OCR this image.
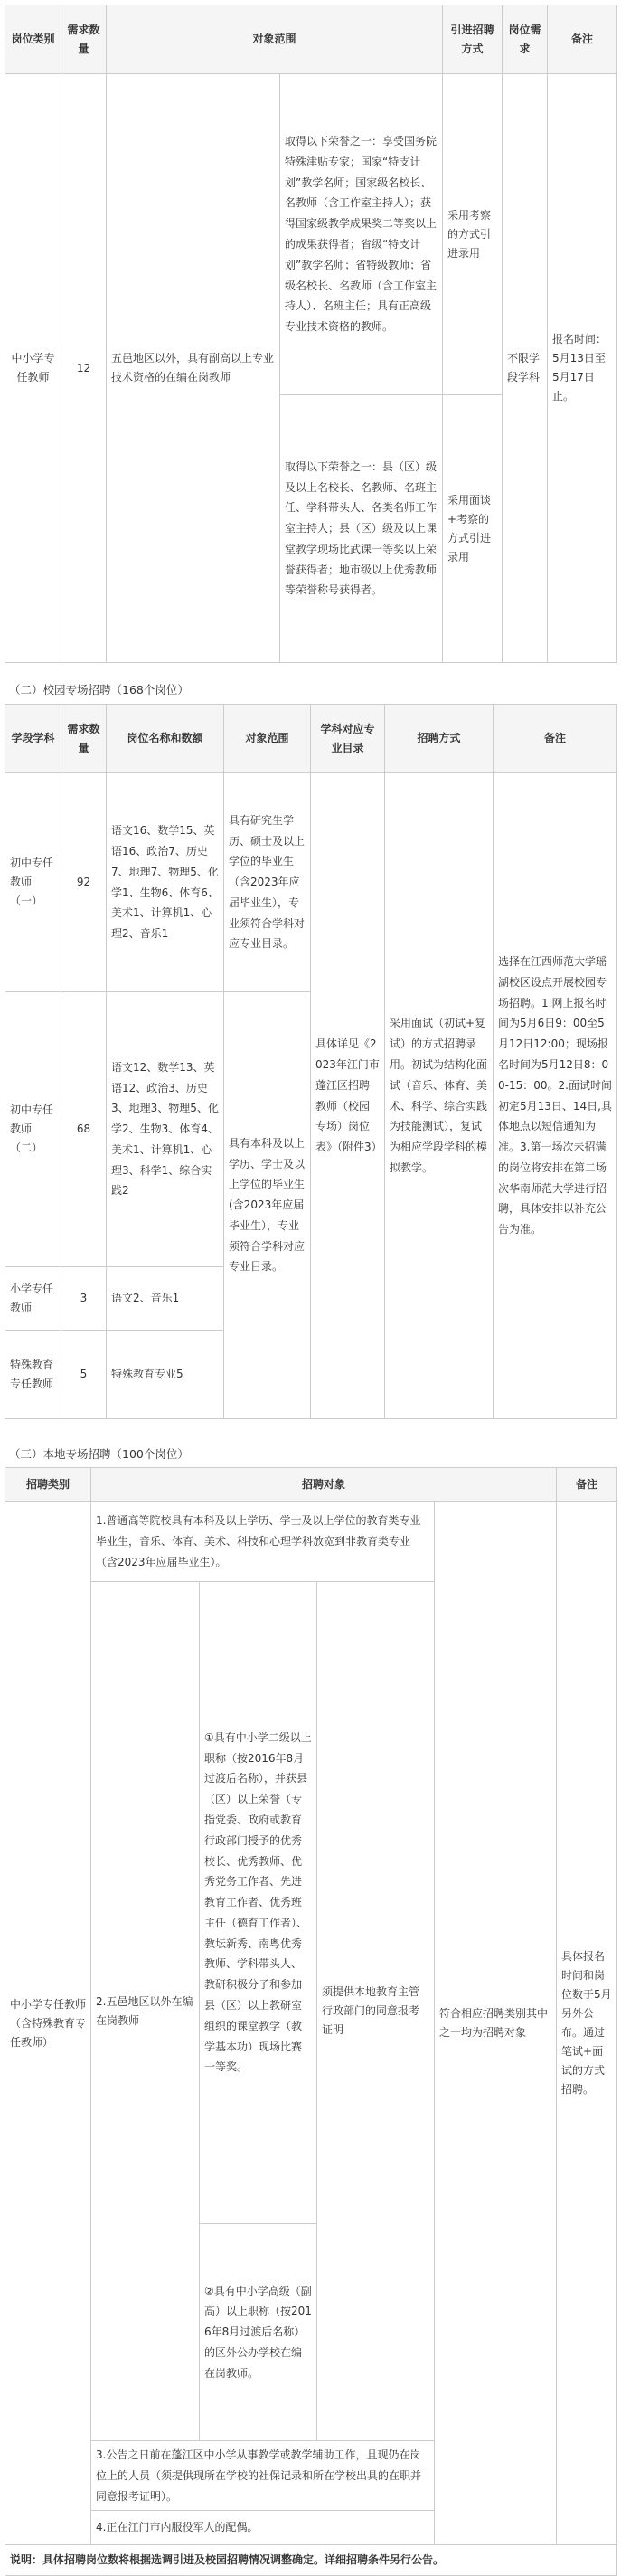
岗位类别	需求数量	对象范围		引进招聘方式	岗位需求	备注
中小学专任教师	12	五邑地区以外，具有副高以上专业技术资格的在编在岗教师	取得以下荣誉之一：享受国务院特殊津贴专家；国家“特支计划”教学名师；国家级名校长、名教师（含工作室主持人）；获得国家级教学成果奖二等奖以上的成果获得者；省级“特支计划”教学名师；省特级教师；省级名校长、名教师（含工作室主持人）、名班主任；具有正高级专业技术资格的教师。	采用考察的方式引进录用	不限学段学科	报名时间：5月13日至5月17日止。
			取得以下荣誉之一：县（区）级及以上名校长、名教师、名班主任、学科带头人、各类名师工作室主持人；县（区）级及以上课堂教学现场比武课一等奖以上荣誉获得者；地市级以上优秀教师等荣誉称号获得者。	采用面谈+考察的方式引进录用		
（二）校园专场招聘（168个岗位）
学段学科	需求数量	岗位名称和数额	对象范围	学科对应专业目录	招聘方式	备注
初中专任教师（一）	92	语文16、数学15、英语16、政治7、历史7、地理7、物理5、化学1、生物6、体育6、美术1、计算机1、心理2、音乐1	具有研究生学历、硕士及以上学位的毕业生（含2023年应届毕业生），专业须符合学科对应专业目录。	具体详见《2023年江门市蓬江区招聘教师（校园专场）岗位表》（附件3）	采用面试（初试+复试）的方式招聘录用。初试为结构化面试（音乐、体育、美术、科学、综合实践为技能测试），复试为相应学段学科的模拟教学。	选择在江西师范大学瑶湖校区设点开展校园专场招聘。1.网上报名时间为5月6日9：00至5月12日12:00；现场报名时间为5月12日8：00-15：00。2.面试时间初定5月13日、14日,具体地点以短信通知为准。3.第一场次未招满的岗位将安排在第二场次华南师范大学进行招聘，具体安排以补充公告为准。
初中专任教师（二）	68	语文12、数学13、英语12、政治3、历史3、地理3、物理5、化学2、生物3、体育4、美术1、计算机1、心理3、科学1、综合实践2	具有本科及以上学历、学士及以上学位的毕业生(含2023年应届毕业生），专业须符合学科对应专业目录。			
小学专任教师	3	语文2、音乐1				
特殊教育专任教师	5	特殊教育专业5				
（三）本地专场招聘（100个岗位）
招聘类别	招聘对象				备注
中小学专任教师（含特殊教育专任教师）	1.普通高等院校具有本科及以上学历、学士及以上学位的教育类专业毕业生，音乐、体育、美术、科技和心理学科放宽到非教育类专业（含2023年应届毕业生）。			符合相应招聘类别其中之一均为招聘对象	具体报名时间和岗位数于5月另外公布。通过笔试+面试的方式招聘。
	2.五邑地区以外在编在岗教师	①具有中小学二级以上职称（按2016年8月过渡后名称），并获县（区）以上荣誉（专指党委、政府或教育行政部门授予的优秀校长、优秀教师、优秀党务工作者、先进教育工作者、优秀班主任（德育工作者）、教坛新秀、南粤优秀教师、学科带头人、教研积极分子和参加县（区）以上教研室组织的课堂教学（教学基本功）现场比赛一等奖。	须提供本地教育主管行政部门的同意报考证明		
		②具有中小学高级（副高）以上职称（按2016年8月过渡后名称）的区外公办学校在编在岗教师。			
	3.公告之日前在蓬江区中小学从事教学或教学辅助工作，且现仍在岗位上的人员（须提供现所在学校的社保记录和所在学校出具的在职并同意报考证明）。				
	4.正在江门市内服役军人的配偶。				
说明：具体招聘岗位数将根据选调引进及校园招聘情况调整确定。详细招聘条件另行公告。					
